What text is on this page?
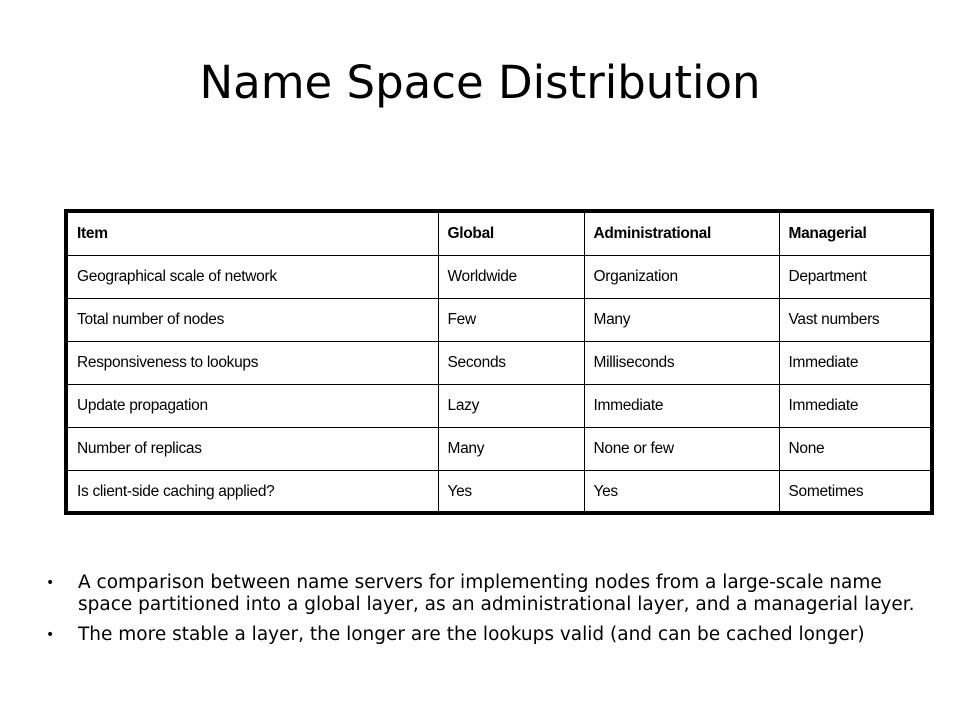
Name Space Distribution
Item	Global	Administrational	Managerial
Geographical scale of network	Worldwide	Organization	Department
Total number of nodes	Few	Many	Vast numbers
Responsiveness to lookups	Seconds	Milliseconds	Immediate
Update propagation	Lazy	Immediate	Immediate
Number of replicas	Many	None or few	None
Is client-side caching applied?	Yes	Yes	Sometimes
• A comparison between name servers for implementing nodes from a large-scale name space partitioned into a global layer, as an administrational layer, and a managerial layer.
• The more stable a layer, the longer are the lookups valid (and can be cached longer)
